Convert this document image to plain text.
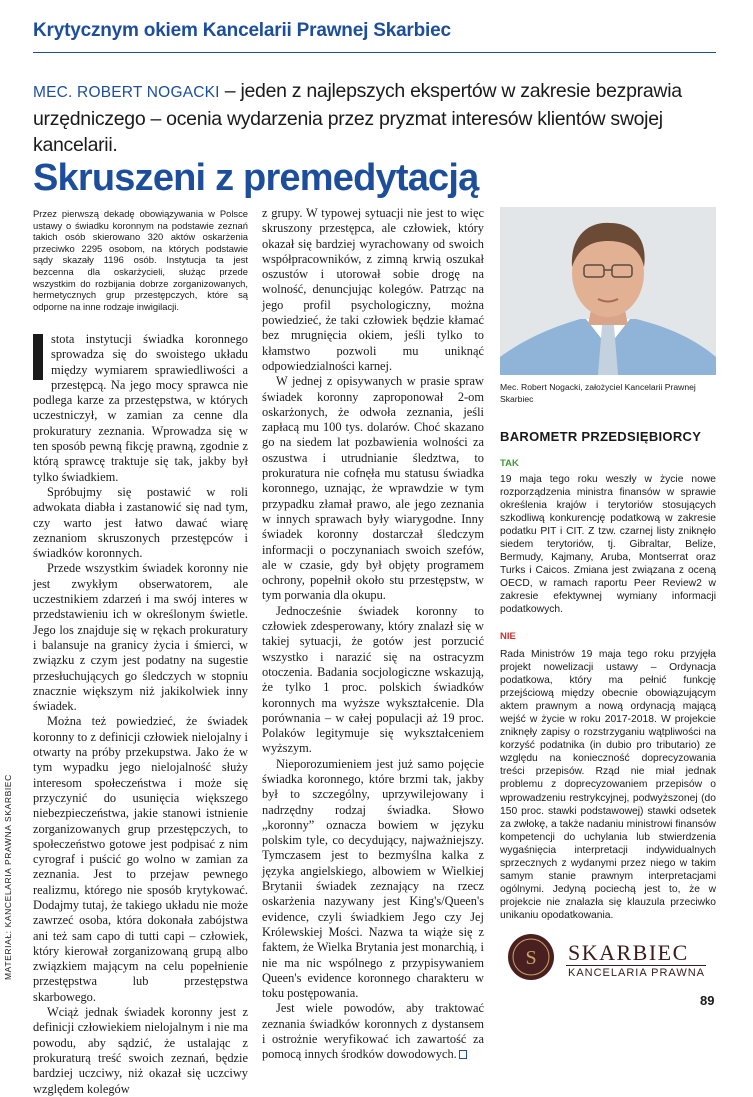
Krytycznym okiem Kancelarii Prawnej Skarbiec
MEC. ROBERT NOGACKI – jeden z najlepszych ekspertów w zakresie bezprawia urzędniczego – ocenia wydarzenia przez pryzmat interesów klientów swojej kancelarii.
Skruszeni z premedytacją
Przez pierwszą dekadę obowiązywania w Polsce ustawy o świadku koronnym na podstawie zeznań takich osób skierowano 320 aktów oskarżenia przeciwko 2295 osobom, na których podstawie sądy skazały 1196 osób. Instytucja ta jest bezcenna dla oskarżycieli, służąc przede wszystkim do rozbijania dobrze zorganizowanych, hermetycznych grup przestępczych, które są odporne na inne rodzaje inwigilacji.

stota instytucji świadka koronnego sprowadza się do swoistego układu między wymiarem sprawiedliwości a przestępcą. Na jego mocy sprawca nie podlega karze za przestępstwa, w których uczestniczył, w zamian za cenne dla prokuratury zeznania. Wprowadza się w ten sposób pewną fikcję prawną, zgodnie z którą sprawcę traktuje się tak, jakby był tylko świadkiem.

Spróbujmy się postawić w roli adwokata diabła i zastanowić się nad tym, czy warto jest łatwo dawać wiarę zeznaniom skruszonych przestępców i świadków koronnych.

Przede wszystkim świadek koronny nie jest zwykłym obserwatorem, ale uczestnikiem zdarzeń i ma swój interes w przedstawieniu ich w określonym świetle. Jego los znajduje się w rękach prokuratury i balansuje na granicy życia i śmierci, w związku z czym jest podatny na sugestie przesłuchujących go śledczych w stopniu znacznie większym niż jakikolwiek inny świadek.

Można też powiedzieć, że świadek koronny to z definicji człowiek nielojalny i otwarty na próby przekupstwa. Jako że w tym wypadku jego nielojalność służy interesom społeczeństwa i może się przyczynić do usunięcia większego niebezpieczeństwa, jakie stanowi istnienie zorganizowanych grup przestępczych, to społeczeństwo gotowe jest podpisać z nim cyrograf i puścić go wolno w zamian za zeznania. Jest to przejaw pewnego realizmu, którego nie sposób krytykować. Dodajmy tutaj, że takiego układu nie może zawrzeć osoba, która dokonała zabójstwa ani też sam capo di tutti capi – człowiek, który kierował zorganizowaną grupą albo związkiem mającym na celu popełnienie przestępstwa lub przestępstwa skarbowego.

Wciąż jednak świadek koronny jest z definicji człowiekiem nielojalnym i nie ma powodu, aby sądzić, że ustalając z prokuraturą treść swoich zeznań, będzie bardziej uczciwy, niż okazał się uczciwy względem kolegów

z grupy. W typowej sytuacji nie jest to więc skruszony przestępca, ale człowiek, który okazał się bardziej wyrachowany od swoich współpracowników, z zimną krwią oszukał oszustów i utorował sobie drogę na wolność, denuncjując kolegów. Patrząc na jego profil psychologiczny, można powiedzieć, że taki człowiek będzie kłamać bez mrugnięcia okiem, jeśli tylko to kłamstwo pozwoli mu uniknąć odpowiedzialności karnej.

W jednej z opisywanych w prasie spraw świadek koronny zaproponował 2-om oskarżonych, że odwoła zeznania, jeśli zapłacą mu 100 tys. dolarów. Choć skazano go na siedem lat pozbawienia wolności za oszustwa i utrudnianie śledztwa, to prokuratura nie cofnęła mu statusu świadka koronnego, uznając, że wprawdzie w tym przypadku złamał prawo, ale jego zeznania w innych sprawach były wiarygodne. Inny świadek koronny dostarczał śledczym informacji o poczynaniach swoich szefów, ale w czasie, gdy był objęty programem ochrony, popełnił około stu przestępstw, w tym porwania dla okupu.

Jednocześnie świadek koronny to człowiek zdesperowany, który znalazł się w takiej sytuacji, że gotów jest porzucić wszystko i narazić się na ostracyzm otoczenia. Badania socjologiczne wskazują, że tylko 1 proc. polskich świadków koronnych ma wyższe wykształcenie. Dla porównania – w całej populacji aż 19 proc. Polaków legitymuje się wykształceniem wyższym.

Nieporozumieniem jest już samo pojęcie świadka koronnego, które brzmi tak, jakby był to szczególny, uprzywilejowany i nadrzędny rodzaj świadka. Słowo „koronny” oznacza bowiem w języku polskim tyle, co decydujący, najważniejszy. Tymczasem jest to bezmyślna kalka z języka angielskiego, albowiem w Wielkiej Brytanii świadek zeznający na rzecz oskarżenia nazywany jest King's/Queen's evidence, czyli świadkiem Jego czy Jej Królewskiej Mości. Nazwa ta wiąże się z faktem, że Wielka Brytania jest monarchią, i nie ma nic wspólnego z przypisywaniem Queen's evidence koronnego charakteru w toku postępowania.

Jest wiele powodów, aby traktować zeznania świadków koronnych z dystansem i ostrożnie weryfikować ich zawartość za pomocą innych środków dowodowych.

Mec. Robert Nogacki, założyciel Kancelarii Prawnej Skarbiec
BAROMETR PRZEDSIĘBIORCY
TAK
19 maja tego roku weszły w życie nowe rozporządzenia ministra finansów w sprawie określenia krajów i terytoriów stosujących szkodliwą konkurencję podatkową w zakresie podatku PIT i CIT. Z tzw. czarnej listy zniknęło siedem terytoriów, tj. Gibraltar, Belize, Bermudy, Kajmany, Aruba, Montserrat oraz Turks i Caicos. Zmiana jest związana z oceną OECD, w ramach raportu Peer Review2 w zakresie efektywnej wymiany informacji podatkowych.
NIE
Rada Ministrów 19 maja tego roku przyjęła projekt nowelizacji ustawy – Ordynacja podatkowa, który ma pełnić funkcję przejściową między obecnie obowiązującym aktem prawnym a nową ordynacją mającą wejść w życie w roku 2017-2018. W projekcie zniknęły zapisy o rozstrzyganiu wątpliwości na korzyść podatnika (in dubio pro tributario) ze względu na konieczność doprecyzowania treści przepisów. Rząd nie miał jednak problemu z doprecyzowaniem przepisów o wprowadzeniu restrykcyjnej, podwyższonej (do 150 proc. stawki podstawowej) stawki odsetek za zwłokę, a także nadaniu ministrowi finansów kompetencji do uchylania lub stwierdzenia wygaśnięcia interpretacji indywidualnych sprzecznych z wydanymi przez niego w takim samym stanie prawnym interpretacjami ogólnymi. Jedyną pociechą jest to, że w projekcie nie znalazła się klauzula przeciwko unikaniu opodatkowania.
S SKARBIEC
KANCELARIA PRAWNA
MATERIAŁ: KANCELARIA PRAWNA SKARBIEC
89
